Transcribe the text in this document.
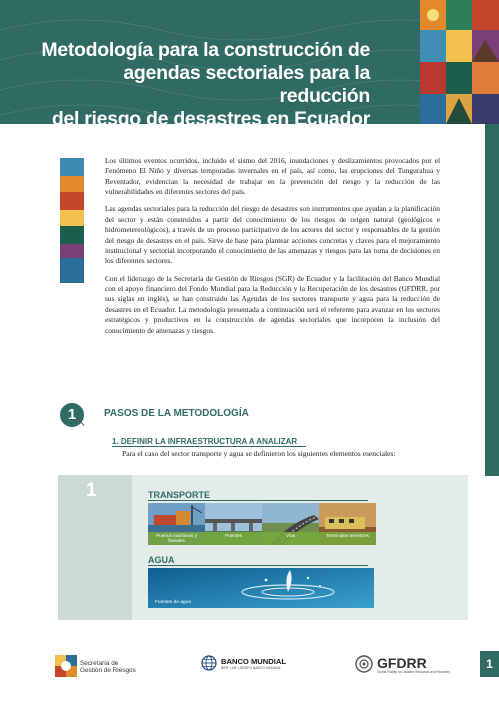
Metodología para la construcción de
agendas sectoriales para la reducción
del riesgo de desastres en Ecuador

Los últimos eventos ocurridos, incluido el sismo del 2016, inundaciones y deslizamientos provocados por el Fenómeno El Niño y diversas temporadas invernales en el país, así como, las erupciones del Tungurahua y Reventador, evidencian la necesidad de trabajar en la prevención del riesgo y la reducción de las vulnerabilidades en diferentes sectores del país.

Las agendas sectoriales para la reducción del riesgo de desastres son instrumentos que ayudan a la planificación del sector y están construidos a partir del conocimiento de los riesgos de origen natural (geológicos e hidrometereológicos), a través de un proceso participativo de los actores del sector y responsables de la gestión del riesgo de desastres en el país. Sirve de base para plantear acciones concretas y claves para el mejoramiento institucional y sectorial incorporando el conocimiento de las amenazas y riesgos para las toma de decisiones en los diferentes sectores.

Con el liderazgo de la Secretaría de Gestión de Riesgos (SGR) de Ecuador y la facilitación del Banco Mundial con el apoyo financiero del Fondo Mundial para la Reducción y la Recuperación de los desastres (GFDRR, por sus siglas en inglés), se han construido las Agendas de los sectores transporte y agua para la reducción de desastres en el Ecuador. La metodología presentada a continuación será el referente para avanzar en los sectores estratégicos y productivos en la construcción de agendas sectoriales que incorporen la inclusión del conocimiento de amenazas y riesgos.

1 ↖
PASOS DE LA METODOLOGÍA
1. DEFINIR LA INFRAESTRUCTURA A ANALIZAR
Para el caso del sector transporte y agua se definieron los siguientes elementos esenciales:
1	TRANSPORTE
Puertos marítimos y fluviales
Puentes	Vías	Terminales terrestres
AGUA
Fuentes de agua
Secretaría de
Gestión de Riesgos
BANCO MUNDIAL
BIRF • AIF | GRUPO BANCO MUNDIAL	GFDRR
Global Facility for Disaster Reduction and Recovery
1
